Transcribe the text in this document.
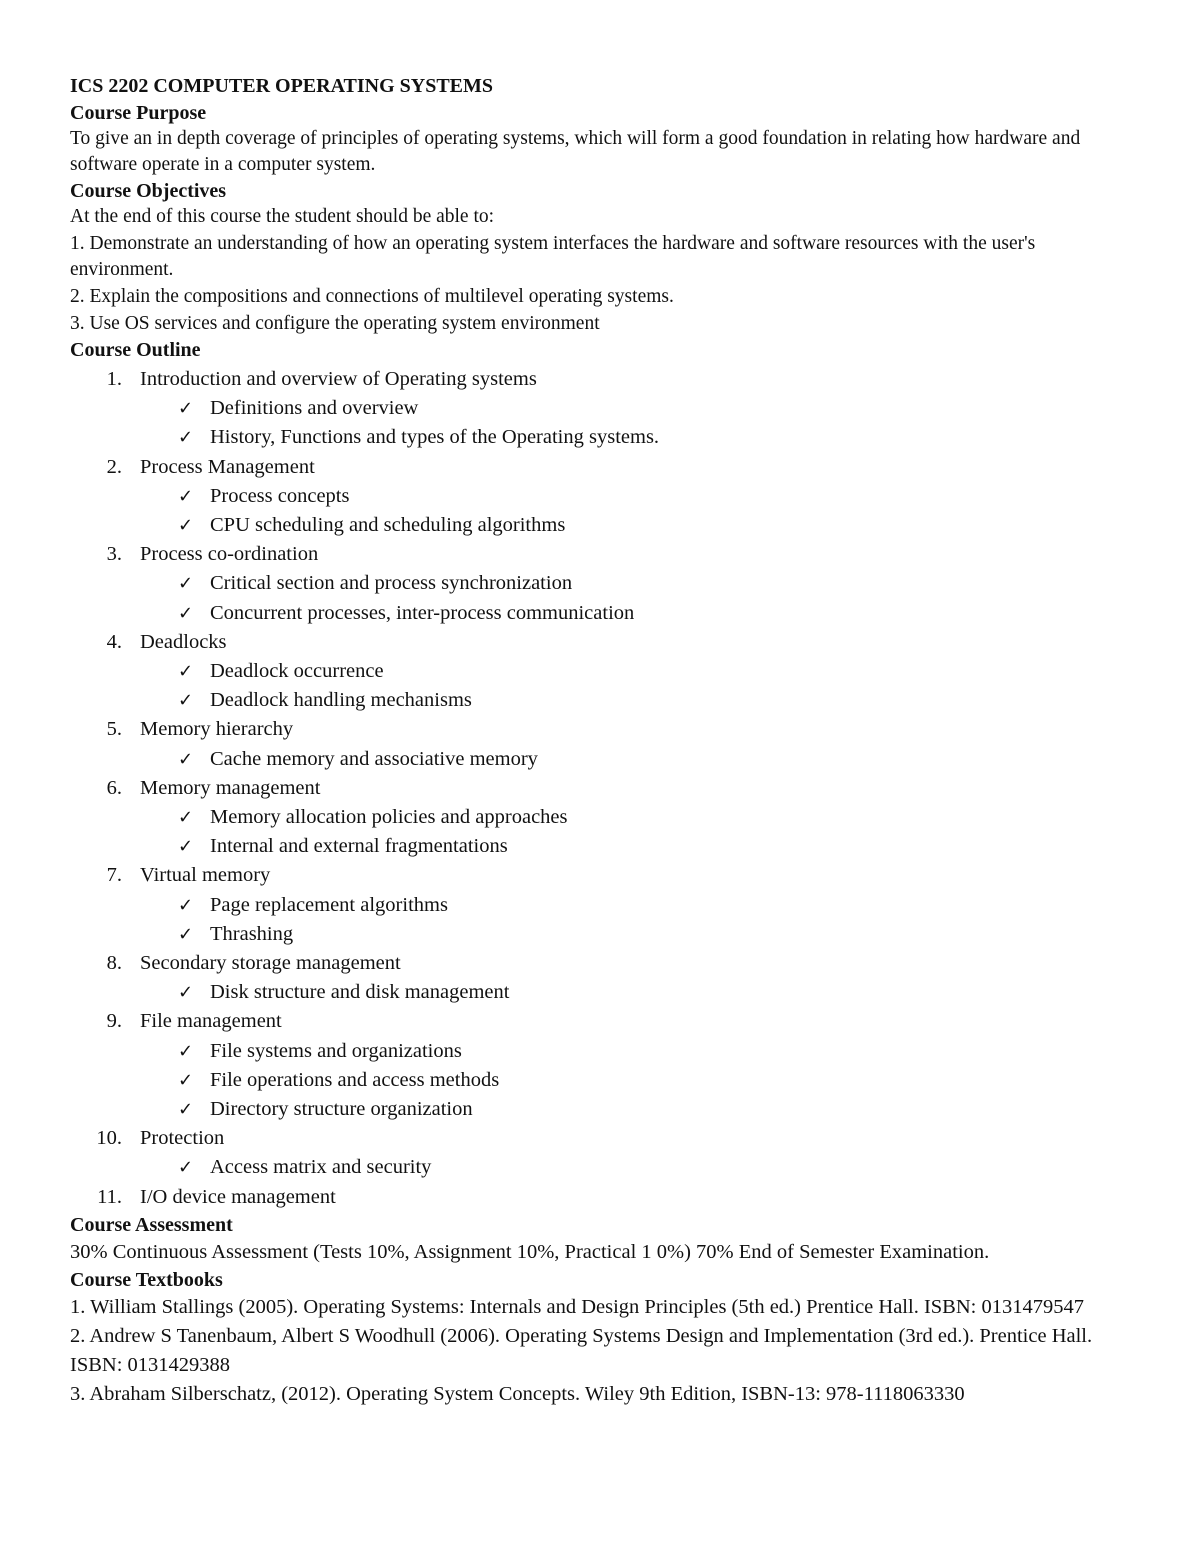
ICS 2202 COMPUTER OPERATING SYSTEMS
Course Purpose

To give an in depth coverage of principles of operating systems, which will form a good foundation in relating how hardware and software operate in a computer system.

Course Objectives

At the end of this course the student should be able to:

1. Demonstrate an understanding of how an operating system interfaces the hardware and software resources with the user's environment.

2. Explain the compositions and connections of multilevel operating systems.

3. Use OS services and configure the operating system environment

Course Outline
1. Introduction and overview of Operating systems
✓ Definitions and overview
✓ History, Functions and types of the Operating systems.
2. Process Management
✓ Process concepts
✓ CPU scheduling and scheduling algorithms
3. Process co-ordination
✓ Critical section and process synchronization
✓ Concurrent processes, inter-process communication
4. Deadlocks
✓ Deadlock occurrence
✓ Deadlock handling mechanisms
5. Memory hierarchy
✓ Cache memory and associative memory
6. Memory management
✓ Memory allocation policies and approaches
✓ Internal and external fragmentations
7. Virtual memory
✓ Page replacement algorithms
✓ Thrashing
8. Secondary storage management
✓ Disk structure and disk management
9. File management
✓ File systems and organizations
✓ File operations and access methods
✓ Directory structure organization
10. Protection
✓ Access matrix and security
11. I/O device management
Course Assessment

30% Continuous Assessment (Tests 10%, Assignment 10%, Practical 1 0%) 70% End of Semester Examination.

Course Textbooks

1. William Stallings (2005). Operating Systems: Internals and Design Principles (5th ed.) Prentice Hall. ISBN: 0131479547

2. Andrew S Tanenbaum, Albert S Woodhull (2006). Operating Systems Design and Implementation (3rd ed.). Prentice Hall. ISBN: 0131429388

3. Abraham Silberschatz, (2012). Operating System Concepts. Wiley 9th Edition, ISBN-13: 978-1118063330
